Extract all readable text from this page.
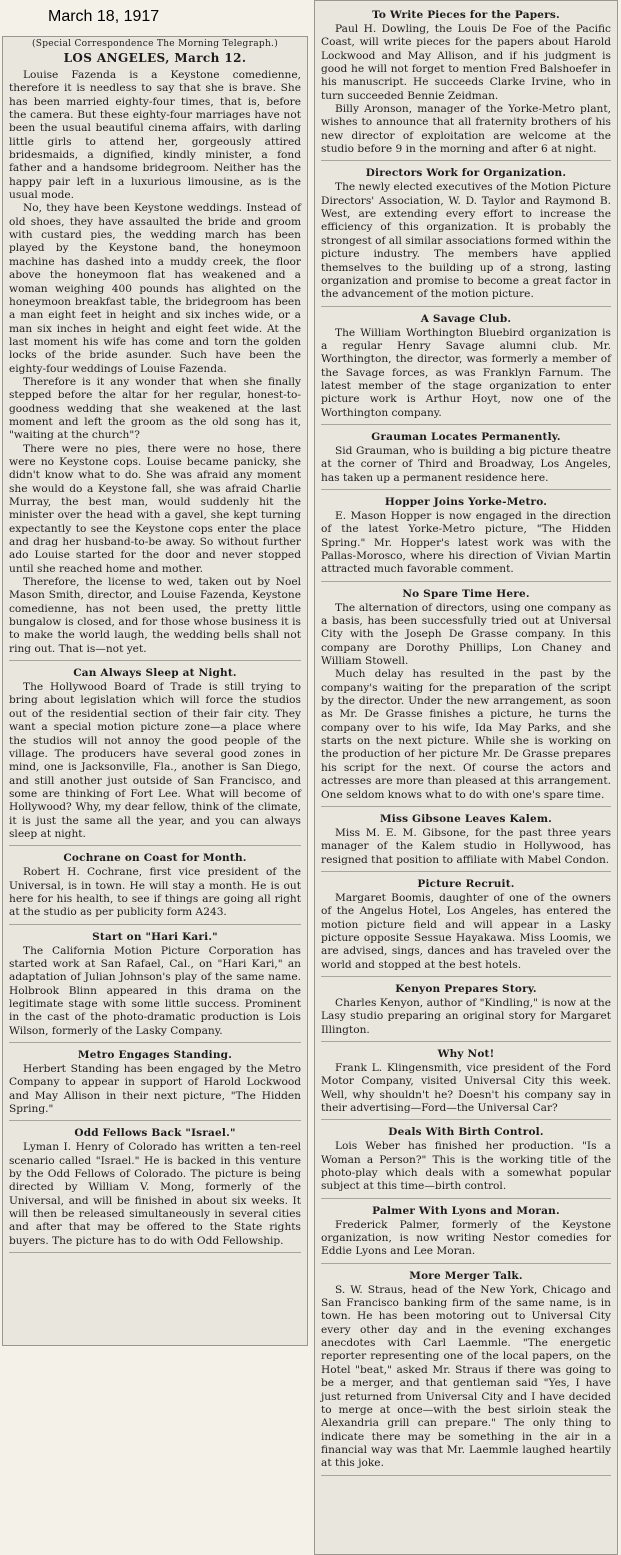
March 18, 1917
(Special Correspondence The Morning Telegraph.)
LOS ANGELES, March 12.

Louise Fazenda is a Keystone comedienne, therefore it is needless to say that she is brave. She has been married eighty-four times, that is, before the camera. But these eighty-four marriages have not been the usual beautiful cinema affairs, with darling little girls to attend her, gorgeously attired bridesmaids, a dignified, kindly minister, a fond father and a handsome bridegroom. Neither has the happy pair left in a luxurious limousine, as is the usual mode.

No, they have been Keystone weddings. Instead of old shoes, they have assaulted the bride and groom with custard pies, the wedding march has been played by the Keystone band, the honeymoon machine has dashed into a muddy creek, the floor above the honeymoon flat has weakened and a woman weighing 400 pounds has alighted on the honeymoon breakfast table, the bridegroom has been a man eight feet in height and six inches wide, or a man six inches in height and eight feet wide. At the last moment his wife has come and torn the golden locks of the bride asunder. Such have been the eighty-four weddings of Louise Fazenda.

Therefore is it any wonder that when she finally stepped before the altar for her regular, honest-to-goodness wedding that she weakened at the last moment and left the groom as the old song has it, "waiting at the church"?

There were no pies, there were no hose, there were no Keystone cops. Louise became panicky, she didn't know what to do. She was afraid any moment she would do a Keystone fall, she was afraid Charlie Murray, the best man, would suddenly hit the minister over the head with a gavel, she kept turning expectantly to see the Keystone cops enter the place and drag her husband-to-be away. So without further ado Louise started for the door and never stopped until she reached home and mother.

Therefore, the license to wed, taken out by Noel Mason Smith, director, and Louise Fazenda, Keystone comedienne, has not been used, the pretty little bungalow is closed, and for those whose business it is to make the world laugh, the wedding bells shall not ring out. That is—not yet.

Can Always Sleep at Night.

The Hollywood Board of Trade is still trying to bring about legislation which will force the studios out of the residential section of their fair city. They want a special motion picture zone—a place where the studios will not annoy the good people of the village. The producers have several good zones in mind, one is Jacksonville, Fla., another is San Diego, and still another just outside of San Francisco, and some are thinking of Fort Lee. What will become of Hollywood? Why, my dear fellow, think of the climate, it is just the same all the year, and you can always sleep at night.

Cochrane on Coast for Month.

Robert H. Cochrane, first vice president of the Universal, is in town. He will stay a month. He is out here for his health, to see if things are going all right at the studio as per publicity form A243.

Start on "Hari Kari."

The California Motion Picture Corporation has started work at San Rafael, Cal., on "Hari Kari," an adaptation of Julian Johnson's play of the same name. Holbrook Blinn appeared in this drama on the legitimate stage with some little success. Prominent in the cast of the photo-dramatic production is Lois Wilson, formerly of the Lasky Company.

Metro Engages Standing.

Herbert Standing has been engaged by the Metro Company to appear in support of Harold Lockwood and May Allison in their next picture, "The Hidden Spring."

Odd Fellows Back "Israel."

Lyman I. Henry of Colorado has written a ten-reel scenario called "Israel." He is backed in this venture by the Odd Fellows of Colorado. The picture is being directed by William V. Mong, formerly of the Universal, and will be finished in about six weeks. It will then be released simultaneously in several cities and after that may be offered to the State rights buyers. The picture has to do with Odd Fellowship.

To Write Pieces for the Papers.

Paul H. Dowling, the Louis De Foe of the Pacific Coast, will write pieces for the papers about Harold Lockwood and May Allison, and if his judgment is good he will not forget to mention Fred Balshoefer in his manuscript. He succeeds Clarke Irvine, who in turn succeeded Bennie Zeidman.

Billy Aronson, manager of the Yorke-Metro plant, wishes to announce that all fraternity brothers of his new director of exploitation are welcome at the studio before 9 in the morning and after 6 at night.

Directors Work for Organization.

The newly elected executives of the Motion Picture Directors' Association, W. D. Taylor and Raymond B. West, are extending every effort to increase the efficiency of this organization. It is probably the strongest of all similar associations formed within the picture industry. The members have applied themselves to the building up of a strong, lasting organization and promise to become a great factor in the advancement of the motion picture.

A Savage Club.

The William Worthington Bluebird organization is a regular Henry Savage alumni club. Mr. Worthington, the director, was formerly a member of the Savage forces, as was Franklyn Farnum. The latest member of the stage organization to enter picture work is Arthur Hoyt, now one of the Worthington company.

Grauman Locates Permanently.

Sid Grauman, who is building a big picture theatre at the corner of Third and Broadway, Los Angeles, has taken up a permanent residence here.

Hopper Joins Yorke-Metro.

E. Mason Hopper is now engaged in the direction of the latest Yorke-Metro picture, "The Hidden Spring." Mr. Hopper's latest work was with the Pallas-Morosco, where his direction of Vivian Martin attracted much favorable comment.

No Spare Time Here.

The alternation of directors, using one company as a basis, has been successfully tried out at Universal City with the Joseph De Grasse company. In this company are Dorothy Phillips, Lon Chaney and William Stowell.

Much delay has resulted in the past by the company's waiting for the preparation of the script by the director. Under the new arrangement, as soon as Mr. De Grasse finishes a picture, he turns the company over to his wife, Ida May Parks, and she starts on the next picture. While she is working on the production of her picture Mr. De Grasse prepares his script for the next. Of course the actors and actresses are more than pleased at this arrangement. One seldom knows what to do with one's spare time.

Miss Gibsone Leaves Kalem.

Miss M. E. M. Gibsone, for the past three years manager of the Kalem studio in Hollywood, has resigned that position to affiliate with Mabel Condon.

Picture Recruit.

Margaret Boomis, daughter of one of the owners of the Angelus Hotel, Los Angeles, has entered the motion picture field and will appear in a Lasky picture opposite Sessue Hayakawa. Miss Loomis, we are advised, sings, dances and has traveled over the world and stopped at the best hotels.

Kenyon Prepares Story.

Charles Kenyon, author of "Kindling," is now at the Lasy studio preparing an original story for Margaret Illington.

Why Not!

Frank L. Klingensmith, vice president of the Ford Motor Company, visited Universal City this week. Well, why shouldn't he? Doesn't his company say in their advertising—Ford—the Universal Car?

Deals With Birth Control.

Lois Weber has finished her production. "Is a Woman a Person?" This is the working title of the photo-play which deals with a somewhat popular subject at this time—birth control.

Palmer With Lyons and Moran.

Frederick Palmer, formerly of the Keystone organization, is now writing Nestor comedies for Eddie Lyons and Lee Moran.

More Merger Talk.

S. W. Straus, head of the New York, Chicago and San Francisco banking firm of the same name, is in town. He has been motoring out to Universal City every other day and in the evening exchanges anecdotes with Carl Laemmle. "The energetic reporter representing one of the local papers, on the Hotel "beat," asked Mr. Straus if there was going to be a merger, and that gentleman said "Yes, I have just returned from Universal City and I have decided to merge at once—with the best sirloin steak the Alexandria grill can prepare." The only thing to indicate there may be something in the air in a financial way was that Mr. Laemmle laughed heartily at this joke.
